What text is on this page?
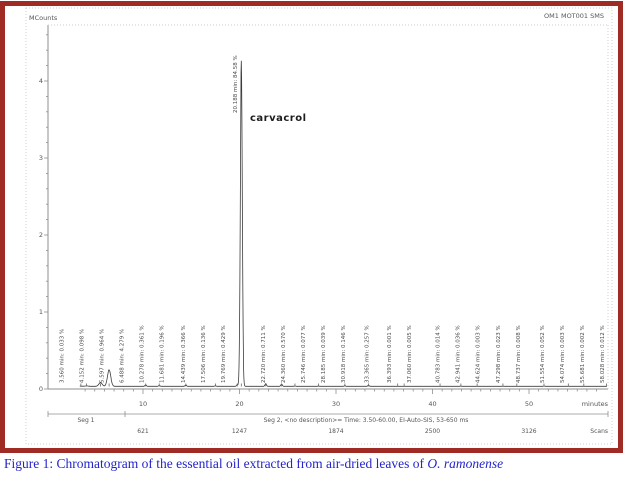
0
1
2
3
4
10
621
20
1247
30
1874
40
2500
50
3126
3.560 min: 0.033 %	4.152 min: 0.098 %	5.597 min: 0.964 %	6.488 min: 4.279 %	10.278 min: 0.361 %	11.681 min: 0.196 %	14.439 min: 0.366 %	17.506 min: 0.136 %	19.769 min: 0.429 %	22.720 min: 0.711 %	24.360 min: 0.570 %	25.746 min: 0.077 %	28.185 min: 0.039 %	30.918 min: 0.146 %	33.365 min: 0.257 %	36.393 min: 0.001 %	37.060 min: 0.005 %	40.783 min: 0.014 %	42.941 min: 0.036 %	44.624 min: 0.003 %	47.298 min: 0.023 %	48.737 min: 0.008 %	51.554 min: 0.052 %	54.074 min: 0.003 %	55.681 min: 0.002 %	58.028 min: 0.012 %
MCounts	OM1 MOT001 SMS
20.188 min: 84.58 %
carvacrol
minutes
Seg 1	Seg 2, <no description>= Time: 3.50-60.00, EI-Auto-SIS, 53-650 ms
Scans
Figure 1: Chromatogram of the essential oil extracted from air-dried leaves of O. ramonense
